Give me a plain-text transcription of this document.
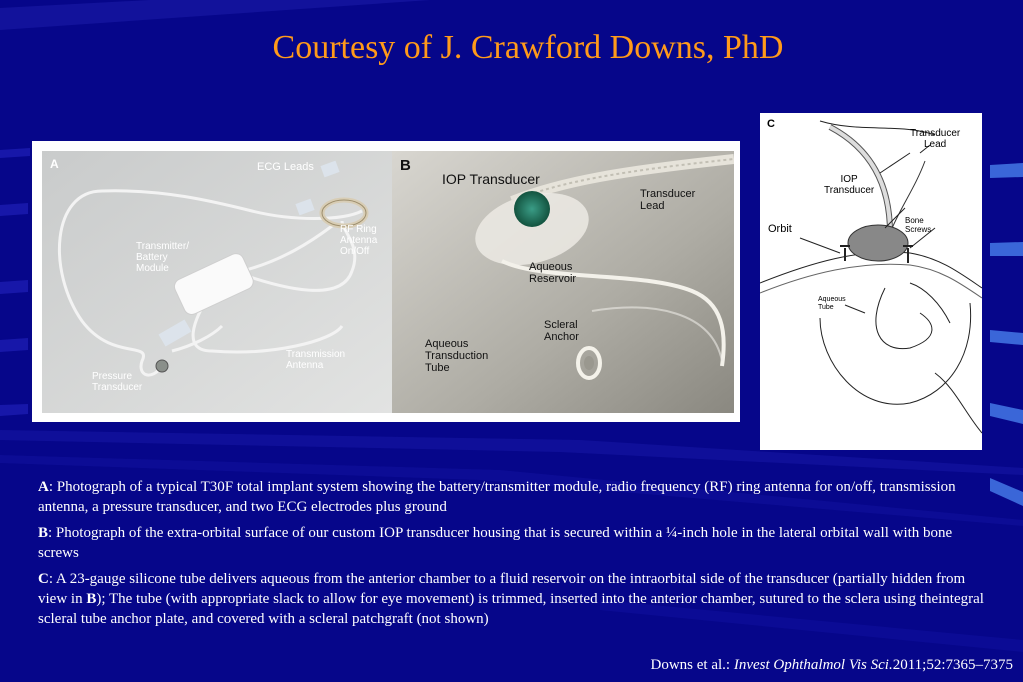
Courtesy of J. Crawford Downs, PhD
A	ECG Leads
Transmitter/
Battery
Module
RF Ring
Antenna
On/Off
Pressure
Transducer
Transmission
Antenna
B
IOP Transducer
Transducer
Lead
Aqueous
Reservoir
Scleral
Anchor
Aqueous
Transduction
Tube
C
Transducer
Lead
IOP
Transducer
Orbit
Bone
Screws
Aqueous
Tube

A: Photograph of a typical T30F total implant system showing the battery/transmitter module, radio frequency (RF) ring antenna for on/off, transmission antenna, a pressure transducer, and two ECG electrodes plus ground

B: Photograph of the extra-orbital surface of our custom IOP transducer housing that is secured within a ¼-inch hole in the lateral orbital wall with bone screws

C: A 23-gauge silicone tube delivers aqueous from the anterior chamber to a fluid reservoir on the intraorbital side of the transducer (partially hidden from view in B); The tube (with appropriate slack to allow for eye movement) is trimmed, inserted into the anterior chamber, sutured to the sclera using theintegral scleral tube anchor plate, and covered with a scleral patchgraft (not shown)

Downs et al.: Invest Ophthalmol Vis Sci.2011;52:7365–7375
